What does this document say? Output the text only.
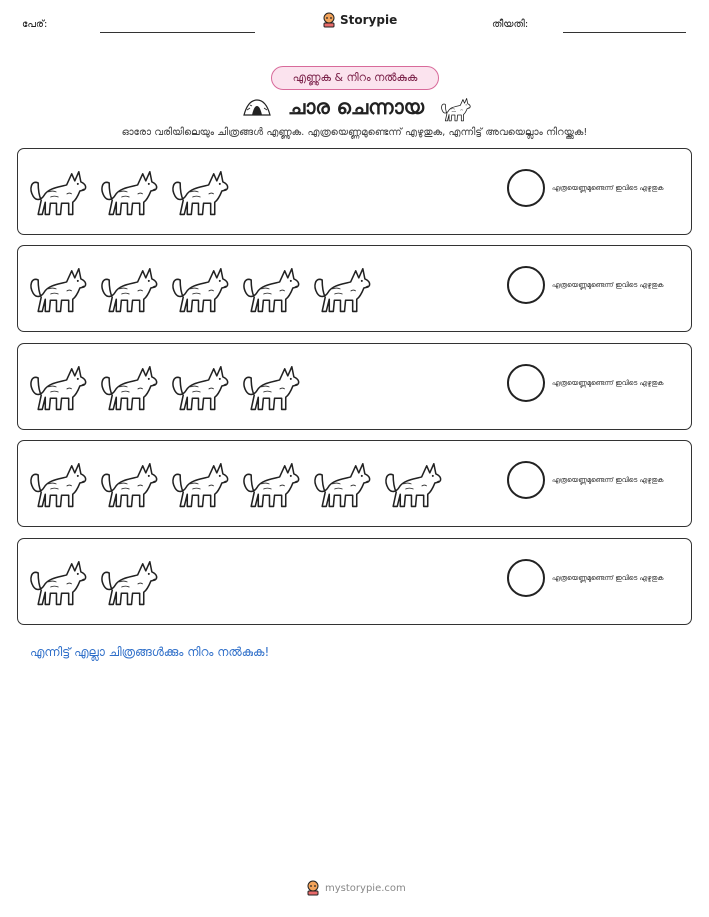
പേര്:	Storypie	തീയതി:
എണ്ണുക & നിറം നൽകുക
ചാര ചെന്നായ
ഓരോ വരിയിലെയും ചിത്രങ്ങൾ എണ്ണുക. എത്രയെണ്ണമുണ്ടെന്ന് എഴുതുക, എന്നിട്ട് അവയെല്ലാം നിറയ്ക്കുക!
എത്രയെണ്ണമുണ്ടെന്ന് ഇവിടെ എഴുതുക
എത്രയെണ്ണമുണ്ടെന്ന് ഇവിടെ എഴുതുക
എത്രയെണ്ണമുണ്ടെന്ന് ഇവിടെ എഴുതുക
എത്രയെണ്ണമുണ്ടെന്ന് ഇവിടെ എഴുതുക
എത്രയെണ്ണമുണ്ടെന്ന് ഇവിടെ എഴുതുക
എന്നിട്ട് എല്ലാ ചിത്രങ്ങൾക്കും നിറം നൽകുക!
mystorypie.com
